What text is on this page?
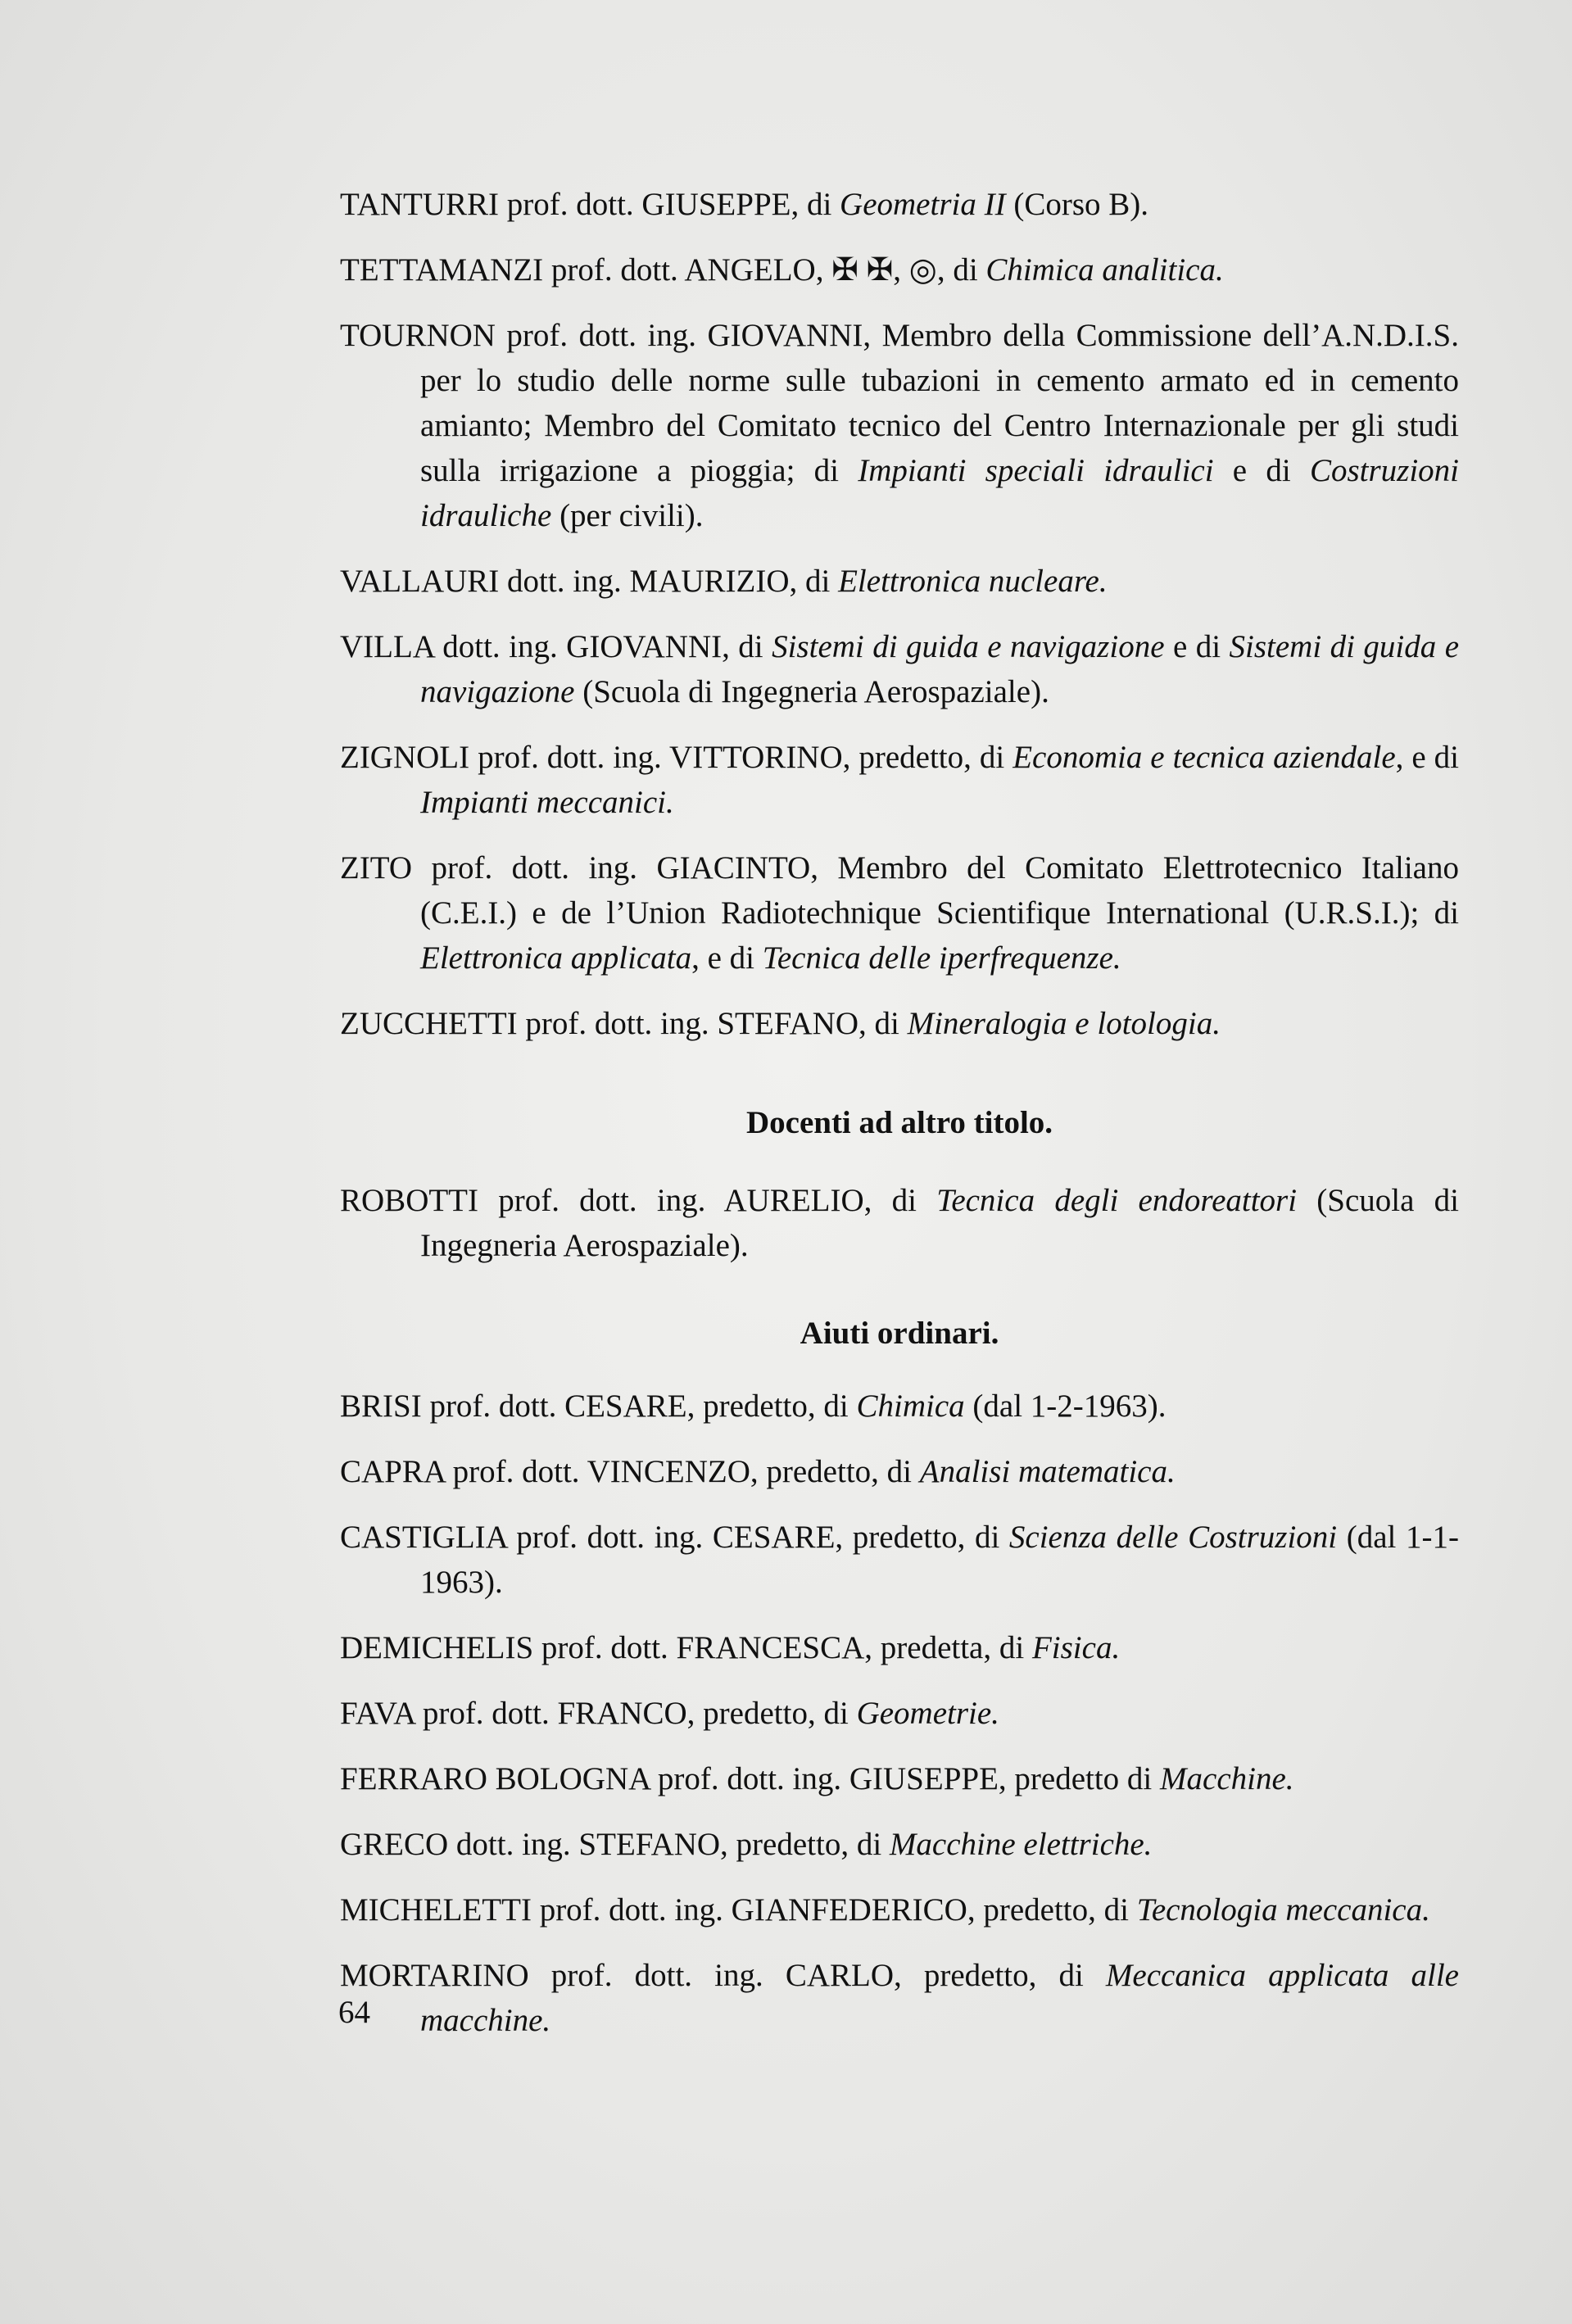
TANTURRI prof. dott. GIUSEPPE, di Geometria II (Corso B).

TETTAMANZI prof. dott. ANGELO, ✠ ✠, ◎, di Chimica analitica.

TOURNON prof. dott. ing. GIOVANNI, Membro della Commissione dell’A.N.D.I.S. per lo studio delle norme sulle tubazioni in cemento armato ed in cemento amianto; Membro del Comitato tecnico del Centro Internazionale per gli studi sulla irrigazione a pioggia; di Impianti speciali idraulici e di Costruzioni idrauliche (per civili).

VALLAURI dott. ing. MAURIZIO, di Elettronica nucleare.

VILLA dott. ing. GIOVANNI, di Sistemi di guida e navigazione e di Sistemi di guida e navigazione (Scuola di Ingegneria Aerospaziale).

ZIGNOLI prof. dott. ing. VITTORINO, predetto, di Economia e tecnica aziendale, e di Impianti meccanici.

ZITO prof. dott. ing. GIACINTO, Membro del Comitato Elettrotecnico Italiano (C.E.I.) e de l’Union Radiotechnique Scientifique International (U.R.S.I.); di Elettronica applicata, e di Tecnica delle iperfrequenze.

ZUCCHETTI prof. dott. ing. STEFANO, di Mineralogia e lotologia.

Docenti ad altro titolo.

ROBOTTI prof. dott. ing. AURELIO, di Tecnica degli endoreattori (Scuola di Ingegneria Aerospaziale).

Aiuti ordinari.

BRISI prof. dott. CESARE, predetto, di Chimica (dal 1-2-1963).

CAPRA prof. dott. VINCENZO, predetto, di Analisi matematica.

CASTIGLIA prof. dott. ing. CESARE, predetto, di Scienza delle Costruzioni (dal 1-1-1963).

DEMICHELIS prof. dott. FRANCESCA, predetta, di Fisica.

FAVA prof. dott. FRANCO, predetto, di Geometrie.

FERRARO BOLOGNA prof. dott. ing. GIUSEPPE, predetto di Macchine.

GRECO dott. ing. STEFANO, predetto, di Macchine elettriche.

MICHELETTI prof. dott. ing. GIANFEDERICO, predetto, di Tecnologia meccanica.

MORTARINO prof. dott. ing. CARLO, predetto, di Meccanica applicata alle macchine.

64
